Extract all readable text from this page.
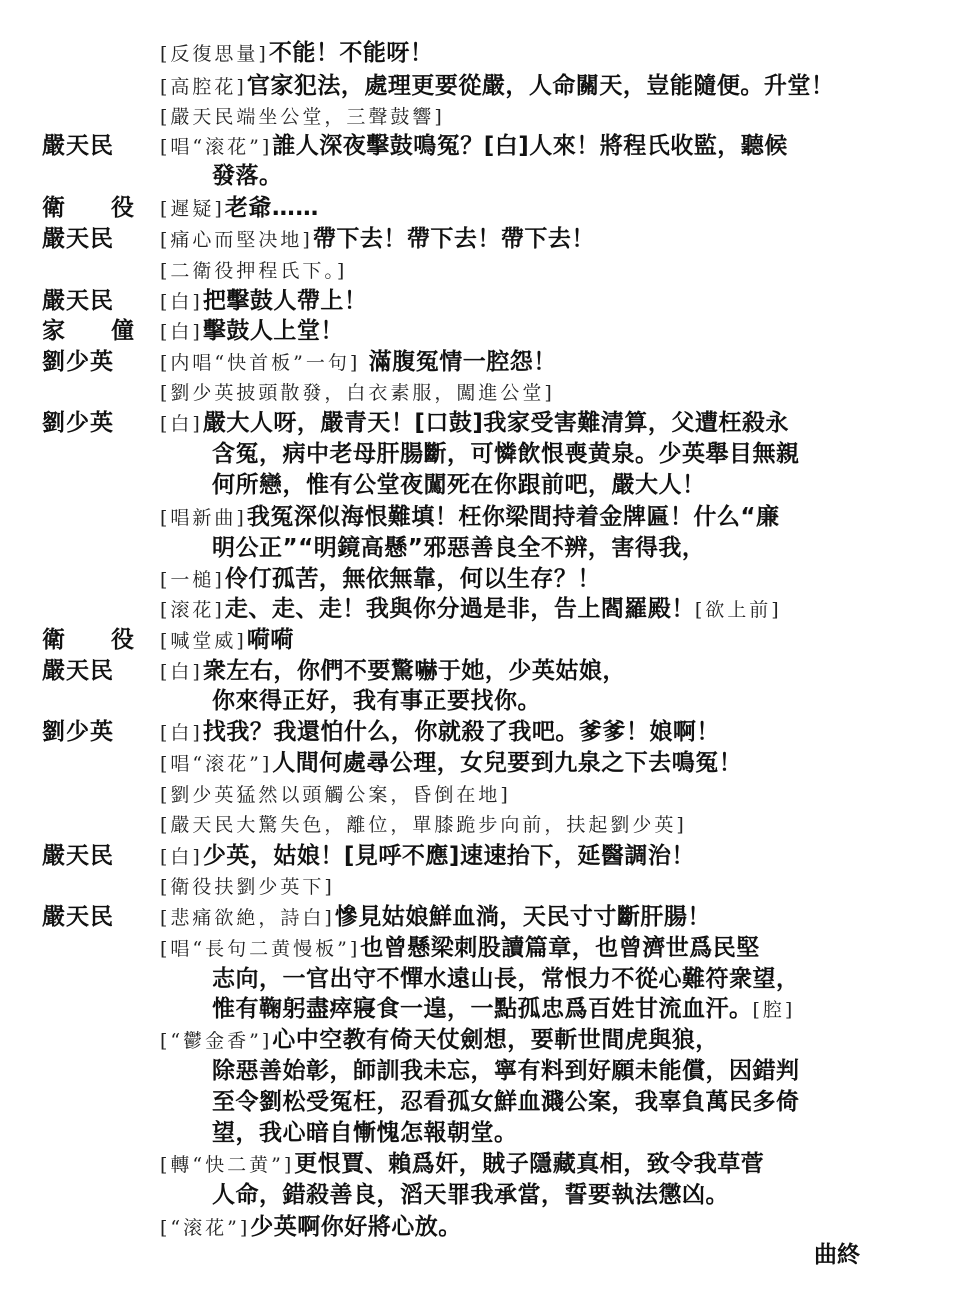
[反復思量]不能！不能呀！
[高腔花]官家犯法，處理更要從嚴，人命關天，豈能隨便。升堂！
[嚴天民端坐公堂，三聲鼓響]
嚴天民	[唱“滚花”]誰人深夜擊鼓鳴冤？[白]人來！將程氏收監，聽候
發落。
衛 役 [遲疑]老爺……
嚴天民	[痛心而堅决地]帶下去！帶下去！帶下去！
[二衛役押程氏下。]
嚴天民	[白]把擊鼓人帶上！
家 僮 [白]擊鼓人上堂！
劉少英	[内唱“快首板”一句] 滿腹冤情一腔怨！
[劉少英披頭散發，白衣素服，闖進公堂]
劉少英	[白]嚴大人呀，嚴青天！[口鼓]我家受害難清算，父遭枉殺永
含冤，病中老母肝腸斷，可憐飲恨喪黄泉。少英舉目無親
何所戀，惟有公堂夜闖死在你跟前吧，嚴大人！
[唱新曲]我冤深似海恨難填！枉你梁間持着金牌匾！什么“廉
明公正”“明鏡高懸”邪惡善良全不辨，害得我，
[一槌]伶仃孤苦，無依無靠，何以生存？！
[滚花]走、走、走！我與你分過是非，告上閻羅殿！[欲上前]
衛 役 [喊堂威]嗬嗬
嚴天民	[白]衆左右，你們不要驚嚇于她，少英姑娘，
你來得正好，我有事正要找你。
劉少英	[白]找我？我還怕什么，你就殺了我吧。爹爹！娘啊！
[唱“滚花”]人間何處尋公理，女兒要到九泉之下去鳴冤！
[劉少英猛然以頭觸公案，昏倒在地]
[嚴天民大驚失色，離位，單膝跪步向前，扶起劉少英]
嚴天民	[白]少英，姑娘！[見呼不應]速速抬下，延醫調治！
[衛役扶劉少英下]
嚴天民	[悲痛欲絶，詩白]慘見姑娘鮮血淌，天民寸寸斷肝腸！
[唱“長句二黄慢板”]也曾懸梁刺股讀篇章，也曾濟世爲民堅
志向，一官出守不憚水遠山長，常恨力不從心難符衆望，
惟有鞠躬盡瘁寢食一遑，一點孤忠爲百姓甘流血汗。[腔]
[“鬱金香”]心中空教有倚天仗劍想，要斬世間虎與狼，
除惡善始彰，師訓我未忘，寧有料到好願未能償，因錯判
至令劉松受冤枉，忍看孤女鮮血濺公案，我辜負萬民多倚
望，我心暗自慚愧怎報朝堂。
[轉“快二黄”]更恨賈、賴爲奸，賊子隱藏真相，致令我草菅
人命，錯殺善良，滔天罪我承當，誓要執法懲凶。
[“滚花”]少英啊你好將心放。
曲終
